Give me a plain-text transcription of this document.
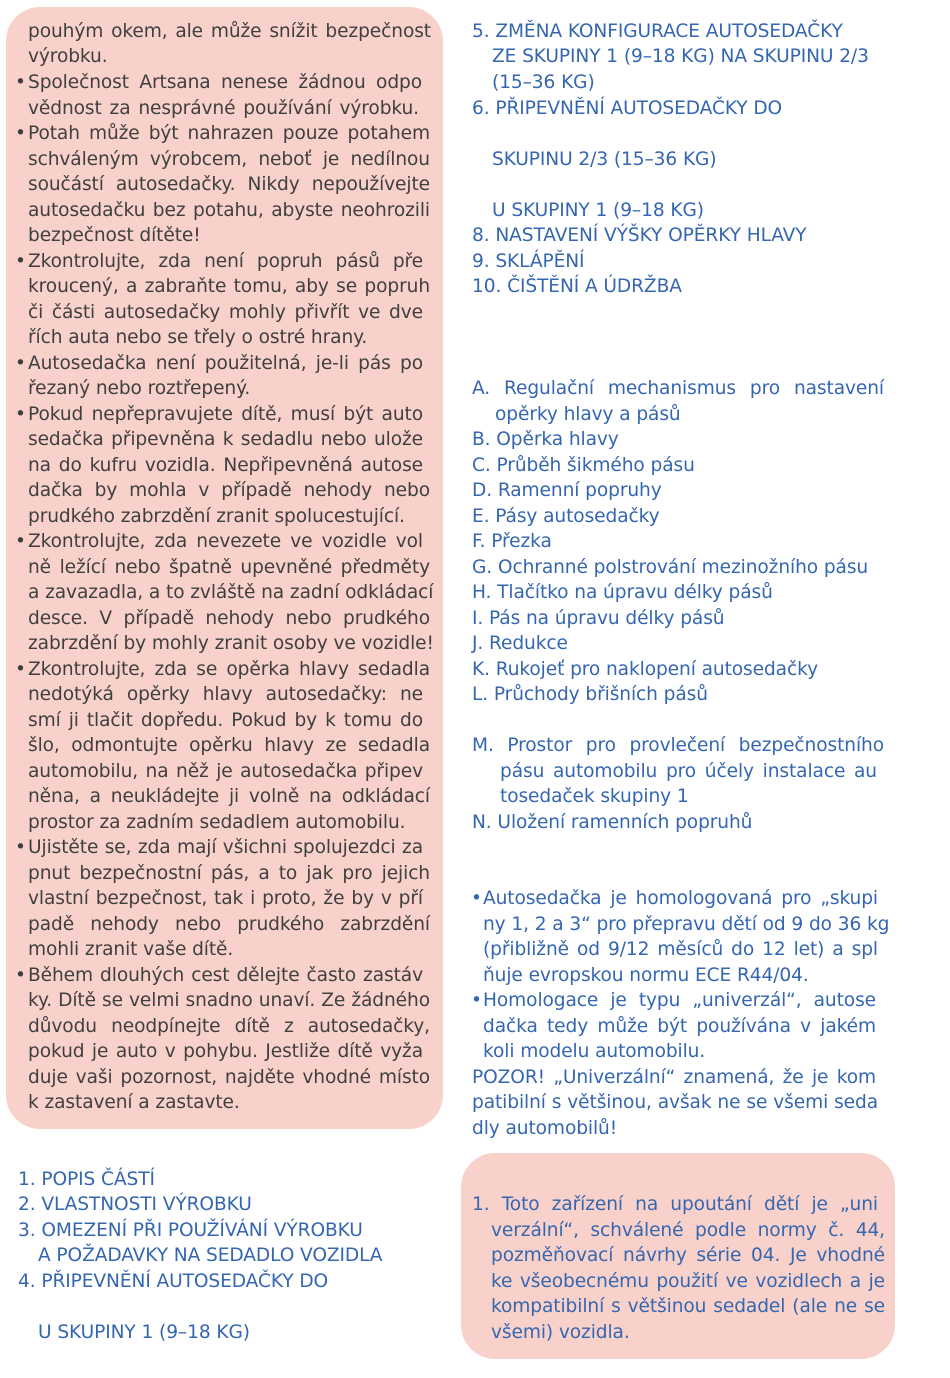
pouhým okem, ale může snížit bezpečnost
výrobku.
• Společnost Artsana nenese žádnou odpo
vědnost za nesprávné používání výrobku.
• Potah může být nahrazen pouze potahem
schváleným výrobcem, neboť je nedílnou
součástí autosedačky. Nikdy nepoužívejte
autosedačku bez potahu, abyste neohrozili
bezpečnost dítěte!
• Zkontrolujte, zda není popruh pásů pře
kroucený, a zabraňte tomu, aby se popruh
či části autosedačky mohly přivřít ve dve
řích auta nebo se třely o ostré hrany.
• Autosedačka není použitelná, je-li pás po
řezaný nebo roztřepený.
• Pokud nepřepravujete dítě, musí být auto
sedačka připevněna k sedadlu nebo ulože
na do kufru vozidla. Nepřipevněná autose
dačka by mohla v případě nehody nebo
prudkého zabrzdění zranit spolucestující.
• Zkontrolujte, zda nevezete ve vozidle vol
ně ležící nebo špatně upevněné předměty
a zavazadla, a to zvláště na zadní odkládací
desce. V případě nehody nebo prudkého
zabrzdění by mohly zranit osoby ve vozidle!
• Zkontrolujte, zda se opěrka hlavy sedadla
nedotýká opěrky hlavy autosedačky: ne
smí ji tlačit dopředu. Pokud by k tomu do
šlo, odmontujte opěrku hlavy ze sedadla
automobilu, na něž je autosedačka připev
něna, a neukládejte ji volně na odkládací
prostor za zadním sedadlem automobilu.
• Ujistěte se, zda mají všichni spolujezdci za
pnut bezpečnostní pás, a to jak pro jejich
vlastní bezpečnost, tak i proto, že by v pří
padě nehody nebo prudkého zabrzdění
mohli zranit vaše dítě.
• Během dlouhých cest dělejte často zastáv
ky. Dítě se velmi snadno unaví. Ze žádného
důvodu neodpínejte dítě z autosedačky,
pokud je auto v pohybu. Jestliže dítě vyža
duje vaši pozornost, najděte vhodné místo
k zastavení a zastavte.
1. POPIS ČÁSTÍ
2. VLASTNOSTI VÝROBKU
3. OMEZENÍ PŘI POUŽÍVÁNÍ VÝROBKU
A POŽADAVKY NA SEDADLO VOZIDLA
4. PŘIPEVNĚNÍ AUTOSEDAČKY DO
U SKUPINY 1 (9–18 KG)
5. ZMĚNA KONFIGURACE AUTOSEDAČKY
ZE SKUPINY 1 (9–18 KG) NA SKUPINU 2/3
(15–36 KG)
6. PŘIPEVNĚNÍ AUTOSEDAČKY DO
SKUPINU 2/3 (15–36 KG)
U SKUPINY 1 (9–18 KG)
8. NASTAVENÍ VÝŠKY OPĚRKY HLAVY
9. SKLÁPĚNÍ
10. ČIŠTĚNÍ A ÚDRŽBA
A. Regulační mechanismus pro nastavení
opěrky hlavy a pásů
B. Opěrka hlavy
C. Průběh šikmého pásu
D. Ramenní popruhy
E. Pásy autosedačky
F. Přezka
G. Ochranné polstrování mezinožního pásu
H. Tlačítko na úpravu délky pásů
I. Pás na úpravu délky pásů
J. Redukce
K. Rukojeť pro naklopení autosedačky
L. Průchody břišních pásů
M. Prostor pro provlečení bezpečnostního
pásu automobilu pro účely instalace au
tosedaček skupiny 1
N. Uložení ramenních popruhů
• Autosedačka je homologovaná pro „skupi
ny 1, 2 a 3“ pro přepravu dětí od 9 do 36 kg
(přibližně od 9/12 měsíců do 12 let) a spl
ňuje evropskou normu ECE R44/04.
• Homologace je typu „univerzál“, autose
dačka tedy může být používána v jakém
koli modelu automobilu.
POZOR! „Univerzální“ znamená, že je kom
patibilní s většinou, avšak ne se všemi seda
dly automobilů!
1. Toto zařízení na upoutání dětí je „uni
verzální“, schválené podle normy č. 44,
pozměňovací návrhy série 04. Je vhodné
ke všeobecnému použití ve vozidlech a je
kompatibilní s většinou sedadel (ale ne se
všemi) vozidla.
